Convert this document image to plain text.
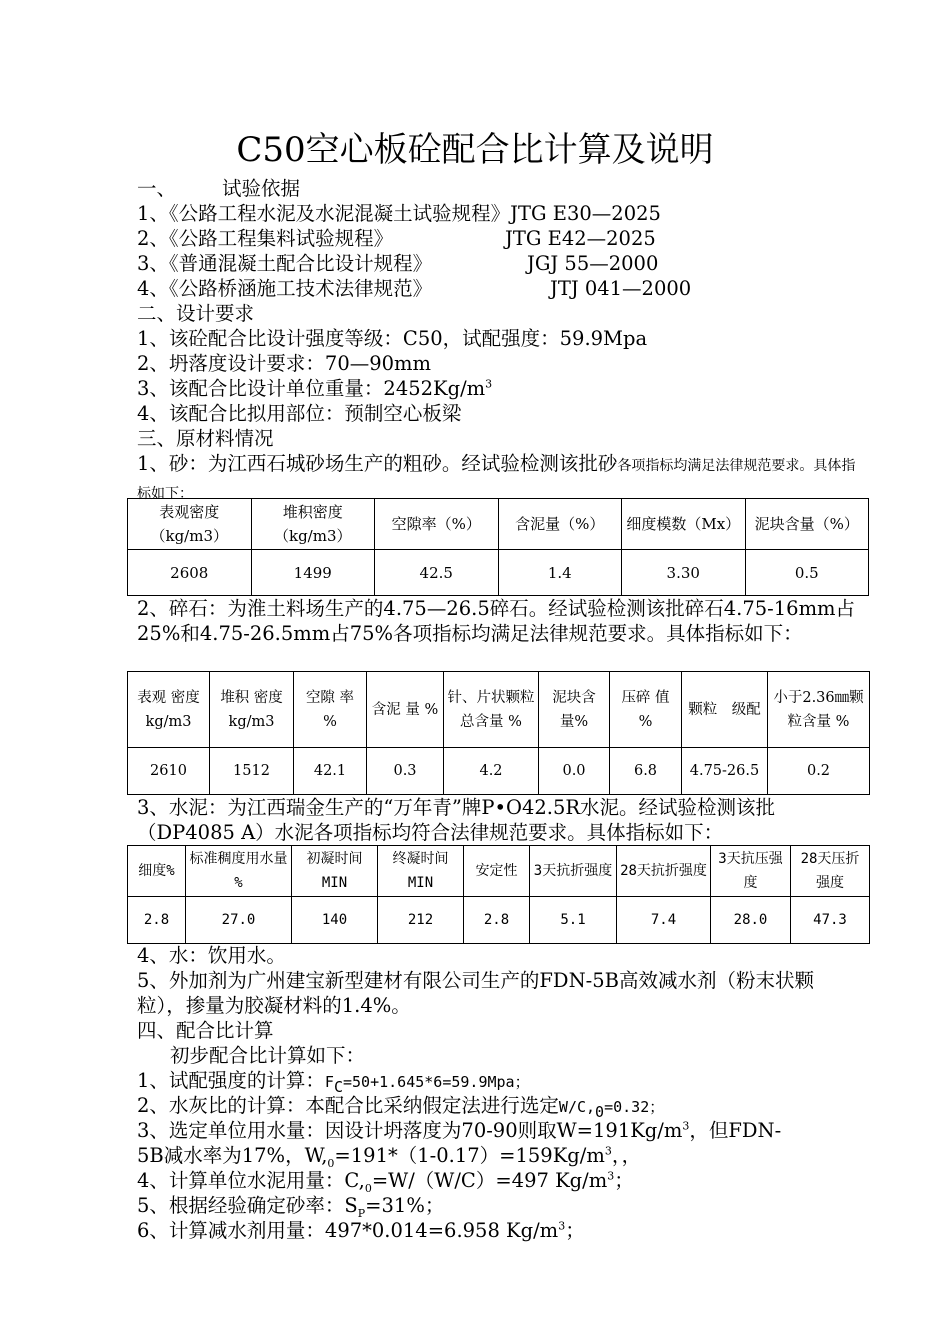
C50空心板砼配合比计算及说明
一、 试验依据
1、《公路工程水泥及水泥混凝土试验规程》JTG E30—2025
2、《公路工程集料试验规程》	JTG E42—2025
3、《普通混凝土配合比设计规程》	JGJ 55—2000
4、《公路桥涵施工技术法律规范》	JTJ 041—2000
二、设计要求
1、该砼配合比设计强度等级：C50，试配强度：59.9Mpa
2、坍落度设计要求：70—90mm
3、该配合比设计单位重量：$2452Kg/m^3$
4、该配合比拟用部位：预制空心板梁
三、原材料情况
1、砂：为江西石城砂场生产的粗砂。经试验检测该批砂各项指标均满足法律规范要求。具体指标如下：
表观密度（kg/m3）	堆积密度（kg/m3）	空隙率（%）	含泥量（%）	细度模数（Mx）	泥块含量（%）
2608	1499	42.5	1.4	3.30	0.5
2、碎石：为淮土料场生产的4.75—26.5碎石。经试验检测该批碎石4.75-16mm占25%和4.75-26.5mm占75%各项指标均满足法律规范要求。具体指标如下：
表观 密度 kg/m3	堆积 密度 kg/m3	空隙 率 %	含泥 量 %	针、片状颗粒总含量 %	泥块含量%	压碎 值 %	颗粒　级配	小于2.36㎜颗粒含量 %
2610	1512	42.1	0.3	4.2	0.0	6.8	4.75-26.5	0.2
3、水泥：为江西瑞金生产的“万年青”牌P•O42.5R水泥。经试验检测该批（DP4085 A）水泥各项指标均符合法律规范要求。具体指标如下：
细度%	标准稠度用水量 %	初凝时间MIN	终凝时间MIN	安定性	3天抗折强度	28天抗折强度	3天抗压强度	28天压折强度
2.8	27.0	140	212	2.8	5.1	7.4	28.0	47.3
4、水：饮用水。
5、外加剂为广州建宝新型建材有限公司生产的FDN-5B高效减水剂（粉末状颗粒），掺量为胶凝材料的1.4%。
四、配合比计算
初步配合比计算如下：
1、试配强度的计算：$F_C=50+1.645*6=59.9Mpa$；
2、水灰比的计算：本配合比采纳假定法进行选定$W/C,_0=0.32$；
3、选定单位用水量：因设计坍落度为70-90则取$W=191Kg/m^3$，但FDN-
5B减水率为17%，$W,_0=191*(1-0.17)=159Kg/m^3$，，
4、计算单位水泥用量：$C,_0=W/(W/C)=497$ $Kg/m^3$；
5、根据经验确定砂率：$S_P=31\%$；
6、计算减水剂用量：497*0.014=6.958 $Kg/m^3$；
